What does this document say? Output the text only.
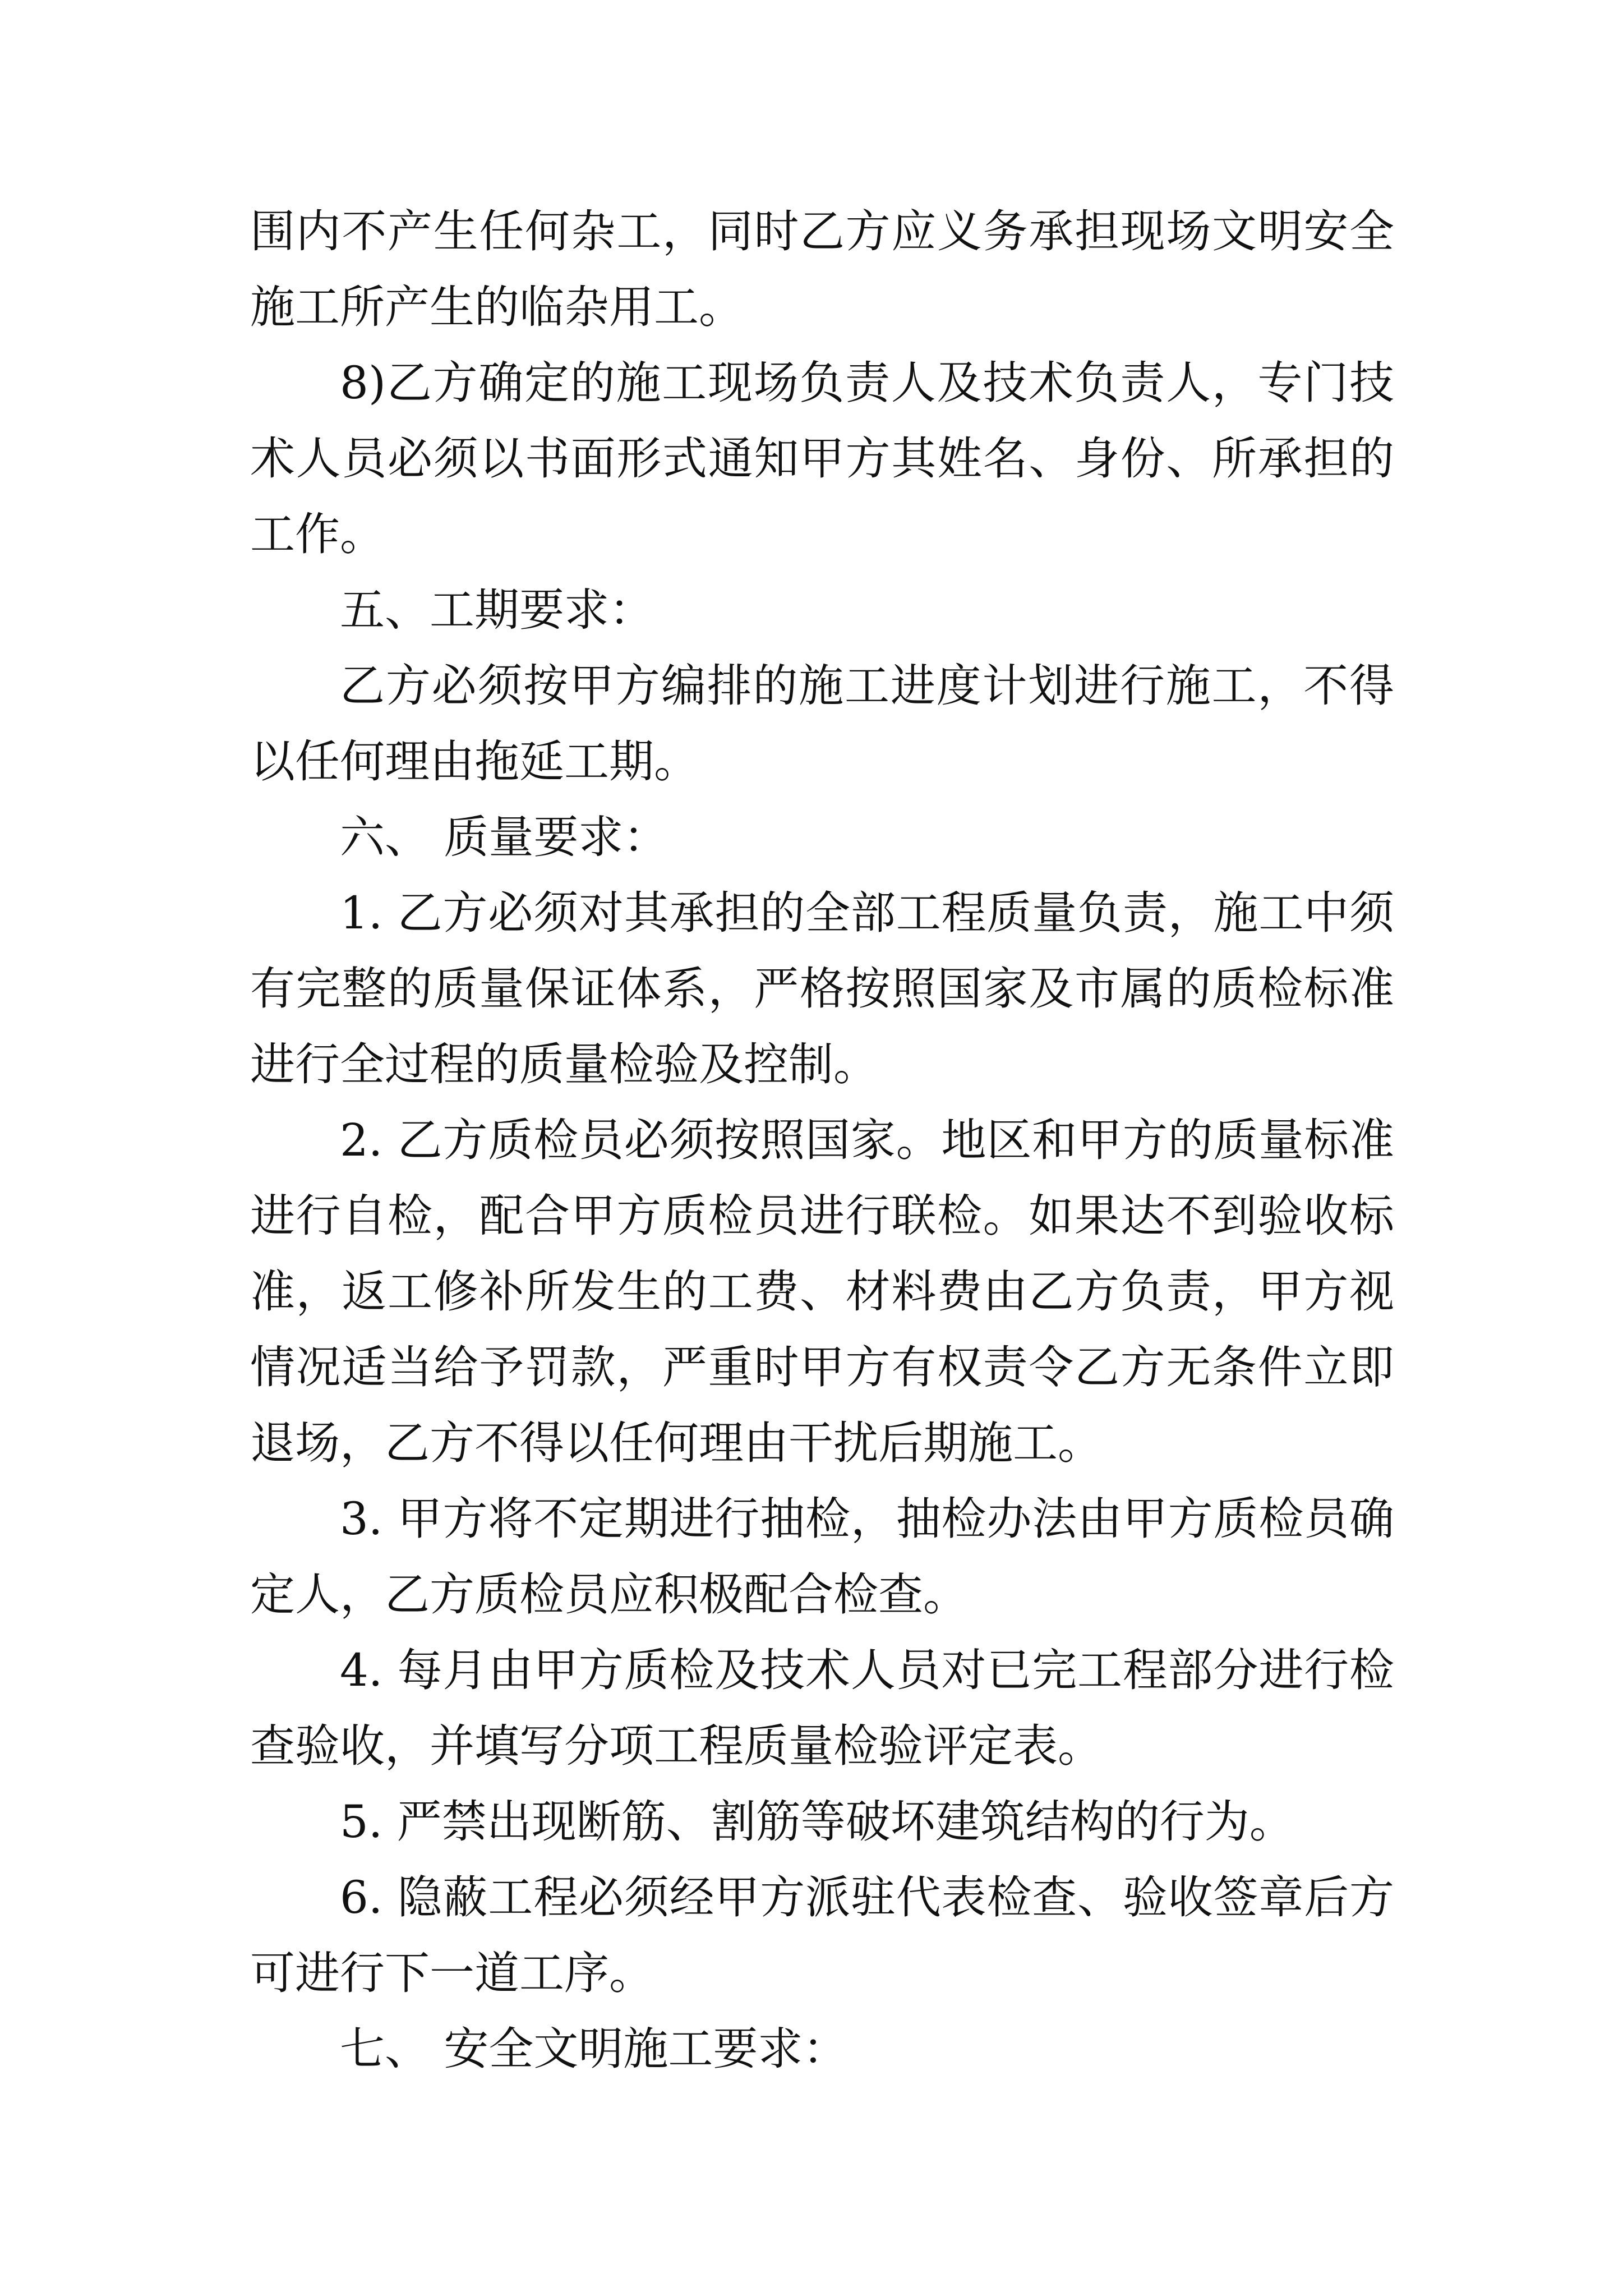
围内不产生任何杂工，同时乙方应义务承担现场文明安全施工所产生的临杂用工。

8)乙方确定的施工现场负责人及技术负责人，专门技术人员必须以书面形式通知甲方其姓名、身份、所承担的工作。

五、工期要求：

乙方必须按甲方编排的施工进度计划进行施工，不得以任何理由拖延工期。

六、 质量要求：

1. 乙方必须对其承担的全部工程质量负责，施工中须有完整的质量保证体系，严格按照国家及市属的质检标准进行全过程的质量检验及控制。

2. 乙方质检员必须按照国家。地区和甲方的质量标准进行自检，配合甲方质检员进行联检。如果达不到验收标准，返工修补所发生的工费、材料费由乙方负责，甲方视情况适当给予罚款，严重时甲方有权责令乙方无条件立即退场，乙方不得以任何理由干扰后期施工。

3. 甲方将不定期进行抽检，抽检办法由甲方质检员确定人，乙方质检员应积极配合检查。

4. 每月由甲方质检及技术人员对已完工程部分进行检查验收，并填写分项工程质量检验评定表。

5. 严禁出现断筋、割筋等破坏建筑结构的行为。

6. 隐蔽工程必须经甲方派驻代表检查、验收签章后方可进行下一道工序。

七、 安全文明施工要求：
